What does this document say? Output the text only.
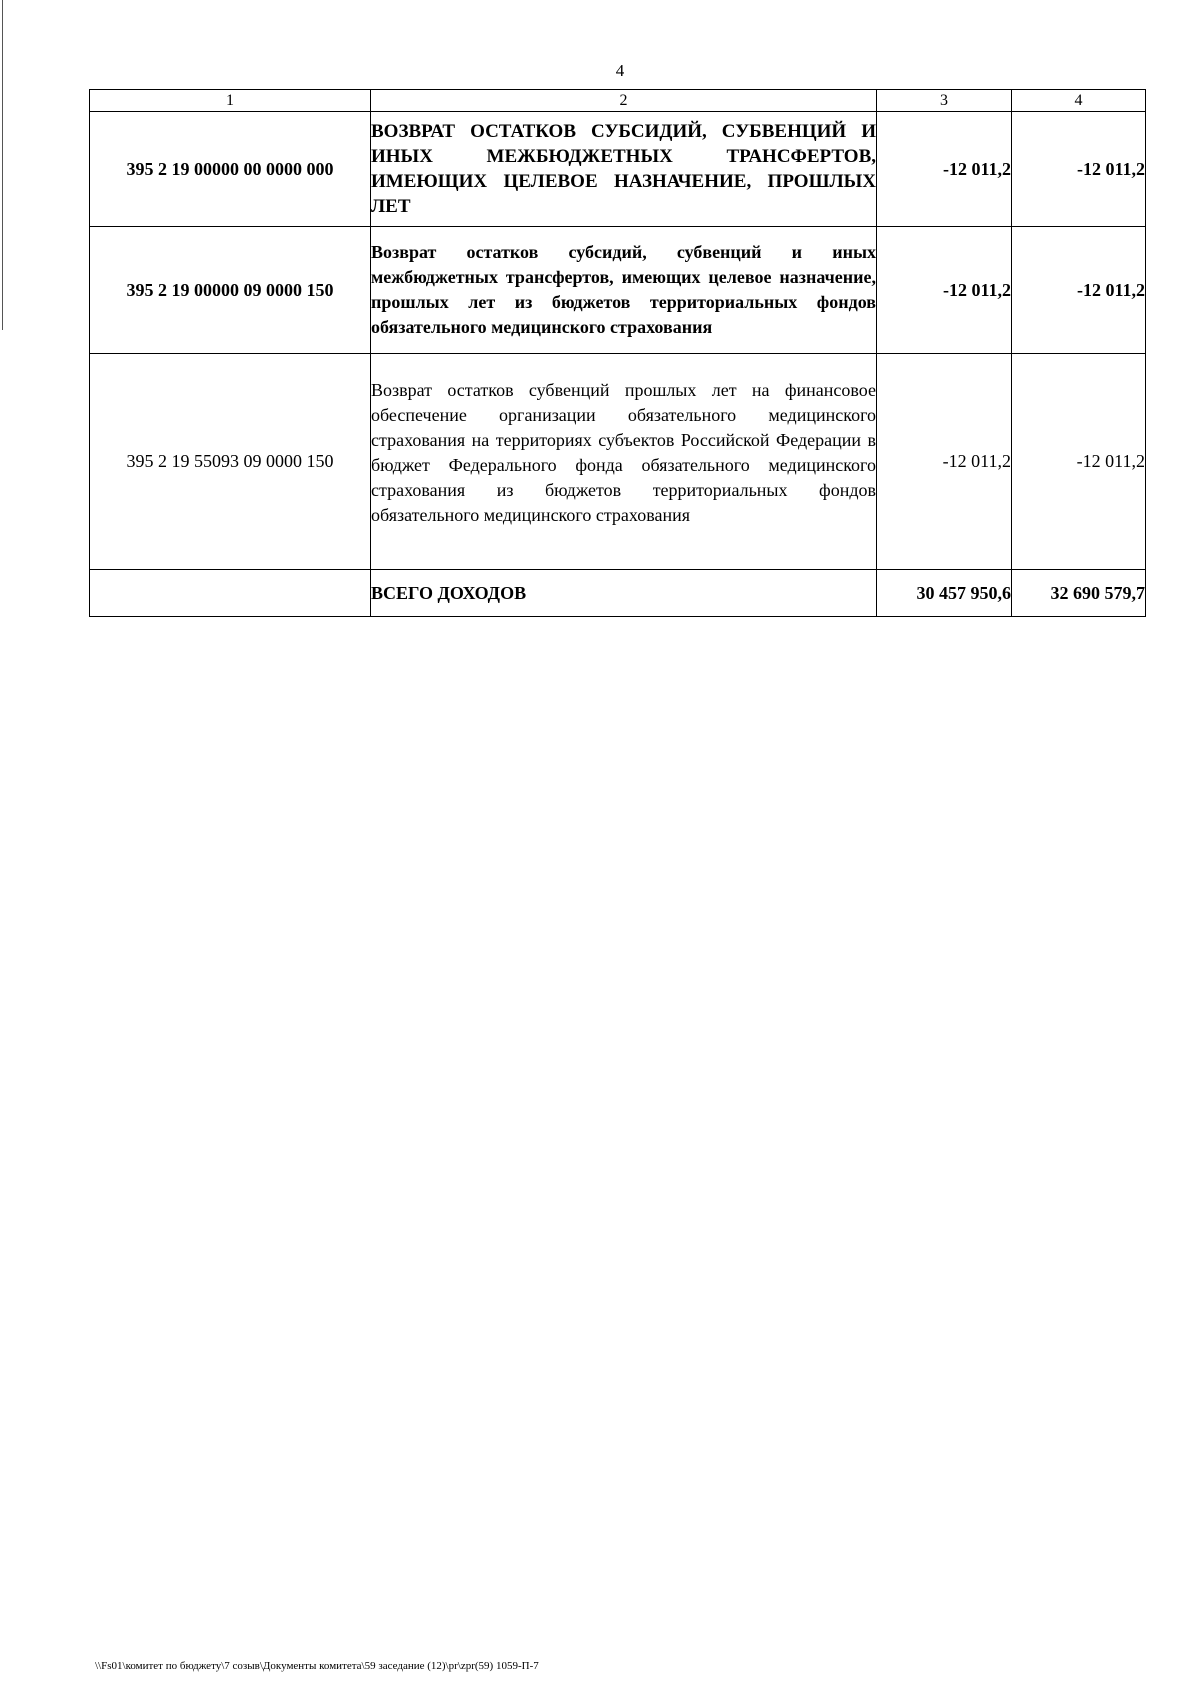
4
1	2	3	4
395 2 19 00000 00 0000 000	ВОЗВРАТ ОСТАТКОВ СУБСИДИЙ, СУБВЕНЦИЙ И ИНЫХ МЕЖБЮДЖЕТНЫХ ТРАНСФЕРТОВ, ИМЕЮЩИХ ЦЕЛЕВОЕ НАЗНАЧЕНИЕ, ПРОШЛЫХ ЛЕТ	-12 011,2	-12 011,2
395 2 19 00000 09 0000 150	Возврат остатков субсидий, субвенций и иных межбюджетных трансфертов, имеющих целевое назначение, прошлых лет из бюджетов территориальных фондов обязательного медицинского страхования	-12 011,2	-12 011,2
395 2 19 55093 09 0000 150	Возврат остатков субвенций прошлых лет на финансовое обеспечение организации обязательного медицинского страхования на территориях субъектов Российской Федерации в бюджет Федерального фонда обязательного медицинского страхования из бюджетов территориальных фондов обязательного медицинского страхования	-12 011,2	-12 011,2
	ВСЕГО ДОХОДОВ	30 457 950,6	32 690 579,7
\\Fs01\комитет по бюджету\7 созыв\Документы комитета\59 заседание (12)\pr\zpr(59) 1059-П-7
